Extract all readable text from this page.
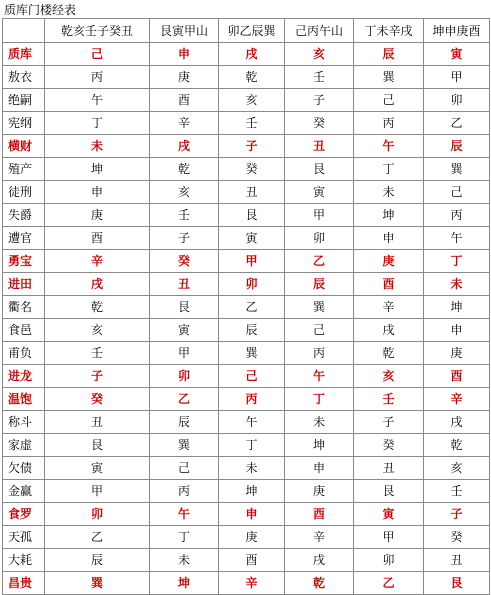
质库门楼经表
	乾亥壬子癸丑	艮寅甲山	卯乙辰巽	己丙午山	丁未辛戌	坤申庚酉
质库	己	申	戌	亥	辰	寅
敖衣	丙	庚	乾	壬	巽	甲
绝嗣	午	酉	亥	子	己	卯
宪纲	丁	辛	壬	癸	丙	乙
横财	未	戌	子	丑	午	辰
殖产	坤	乾	癸	艮	丁	巽
徒刑	申	亥	丑	寅	未	己
失爵	庚	壬	艮	甲	坤	丙
遭官	酉	子	寅	卯	申	午
勇宝	辛	癸	甲	乙	庚	丁
进田	戌	丑	卯	辰	酉	未
衢名	乾	艮	乙	巽	辛	坤
食邑	亥	寅	辰	己	戌	申
甫负	壬	甲	巽	丙	乾	庚
进龙	子	卯	己	午	亥	酉
温饱	癸	乙	丙	丁	壬	辛
称斗	丑	辰	午	未	子	戌
家虚	艮	巽	丁	坤	癸	乾
欠债	寅	己	未	申	丑	亥
金赢	甲	丙	坤	庚	艮	壬
食罗	卯	午	申	酉	寅	子
天孤	乙	丁	庚	辛	甲	癸
大耗	辰	未	酉	戌	卯	丑
昌贵	巽	坤	辛	乾	乙	艮
